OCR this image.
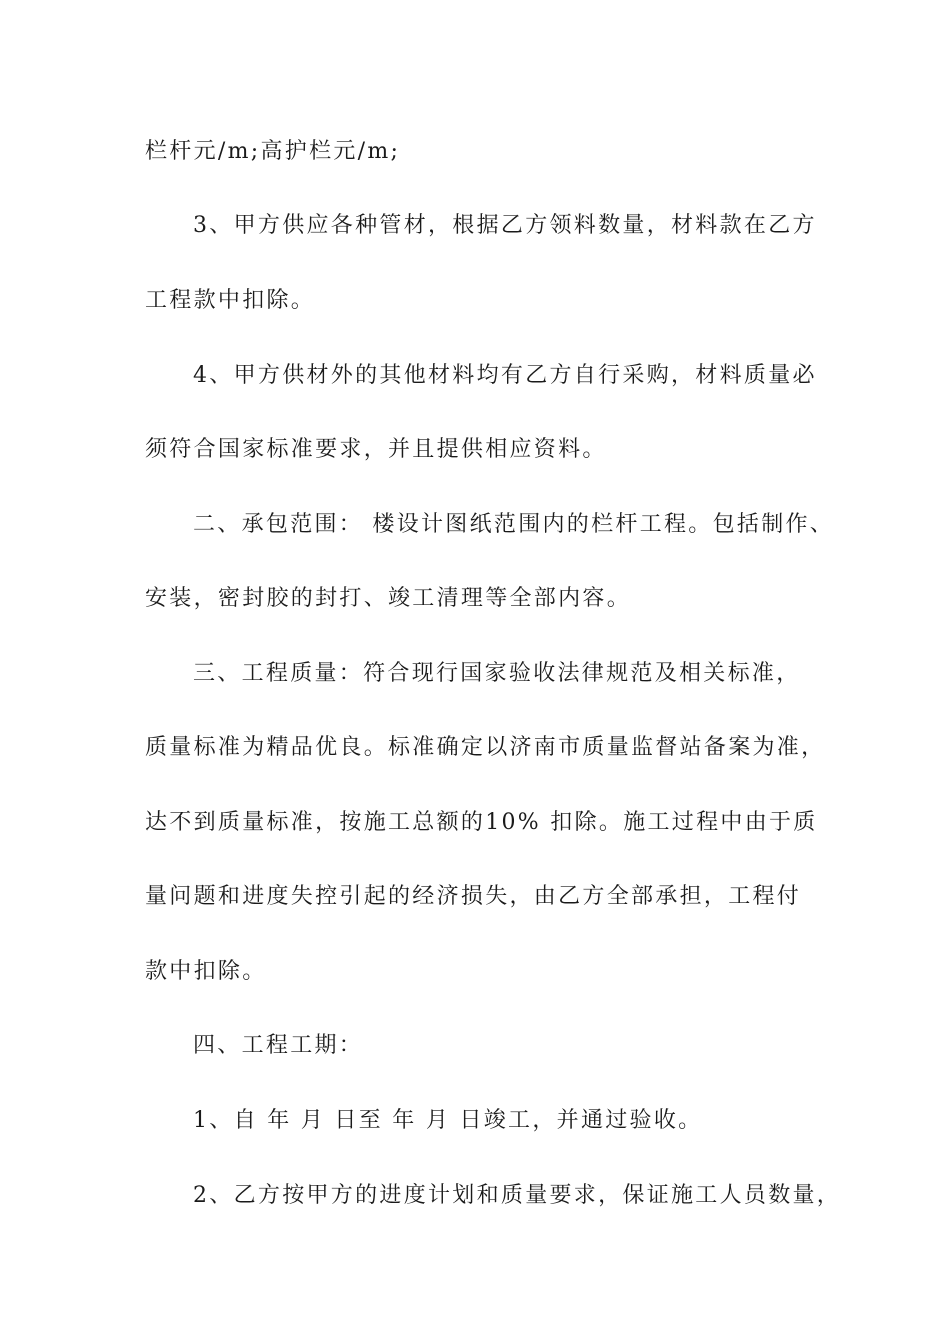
栏杆元/m;高护栏元/m;
3、甲方供应各种管材，根据乙方领料数量，材料款在乙方
工程款中扣除。
4、甲方供材外的其他材料均有乙方自行采购，材料质量必
须符合国家标准要求，并且提供相应资料。
二、承包范围： 楼设计图纸范围内的栏杆工程。包括制作、
安装，密封胶的封打、竣工清理等全部内容。
三、工程质量：符合现行国家验收法律规范及相关标准，
质量标准为精品优良。标准确定以济南市质量监督站备案为准，
达不到质量标准，按施工总额的10% 扣除。施工过程中由于质
量问题和进度失控引起的经济损失，由乙方全部承担，工程付
款中扣除。
四、工程工期：
1、自 年 月 日至 年 月 日竣工，并通过验收。
2、乙方按甲方的进度计划和质量要求，保证施工人员数量，
